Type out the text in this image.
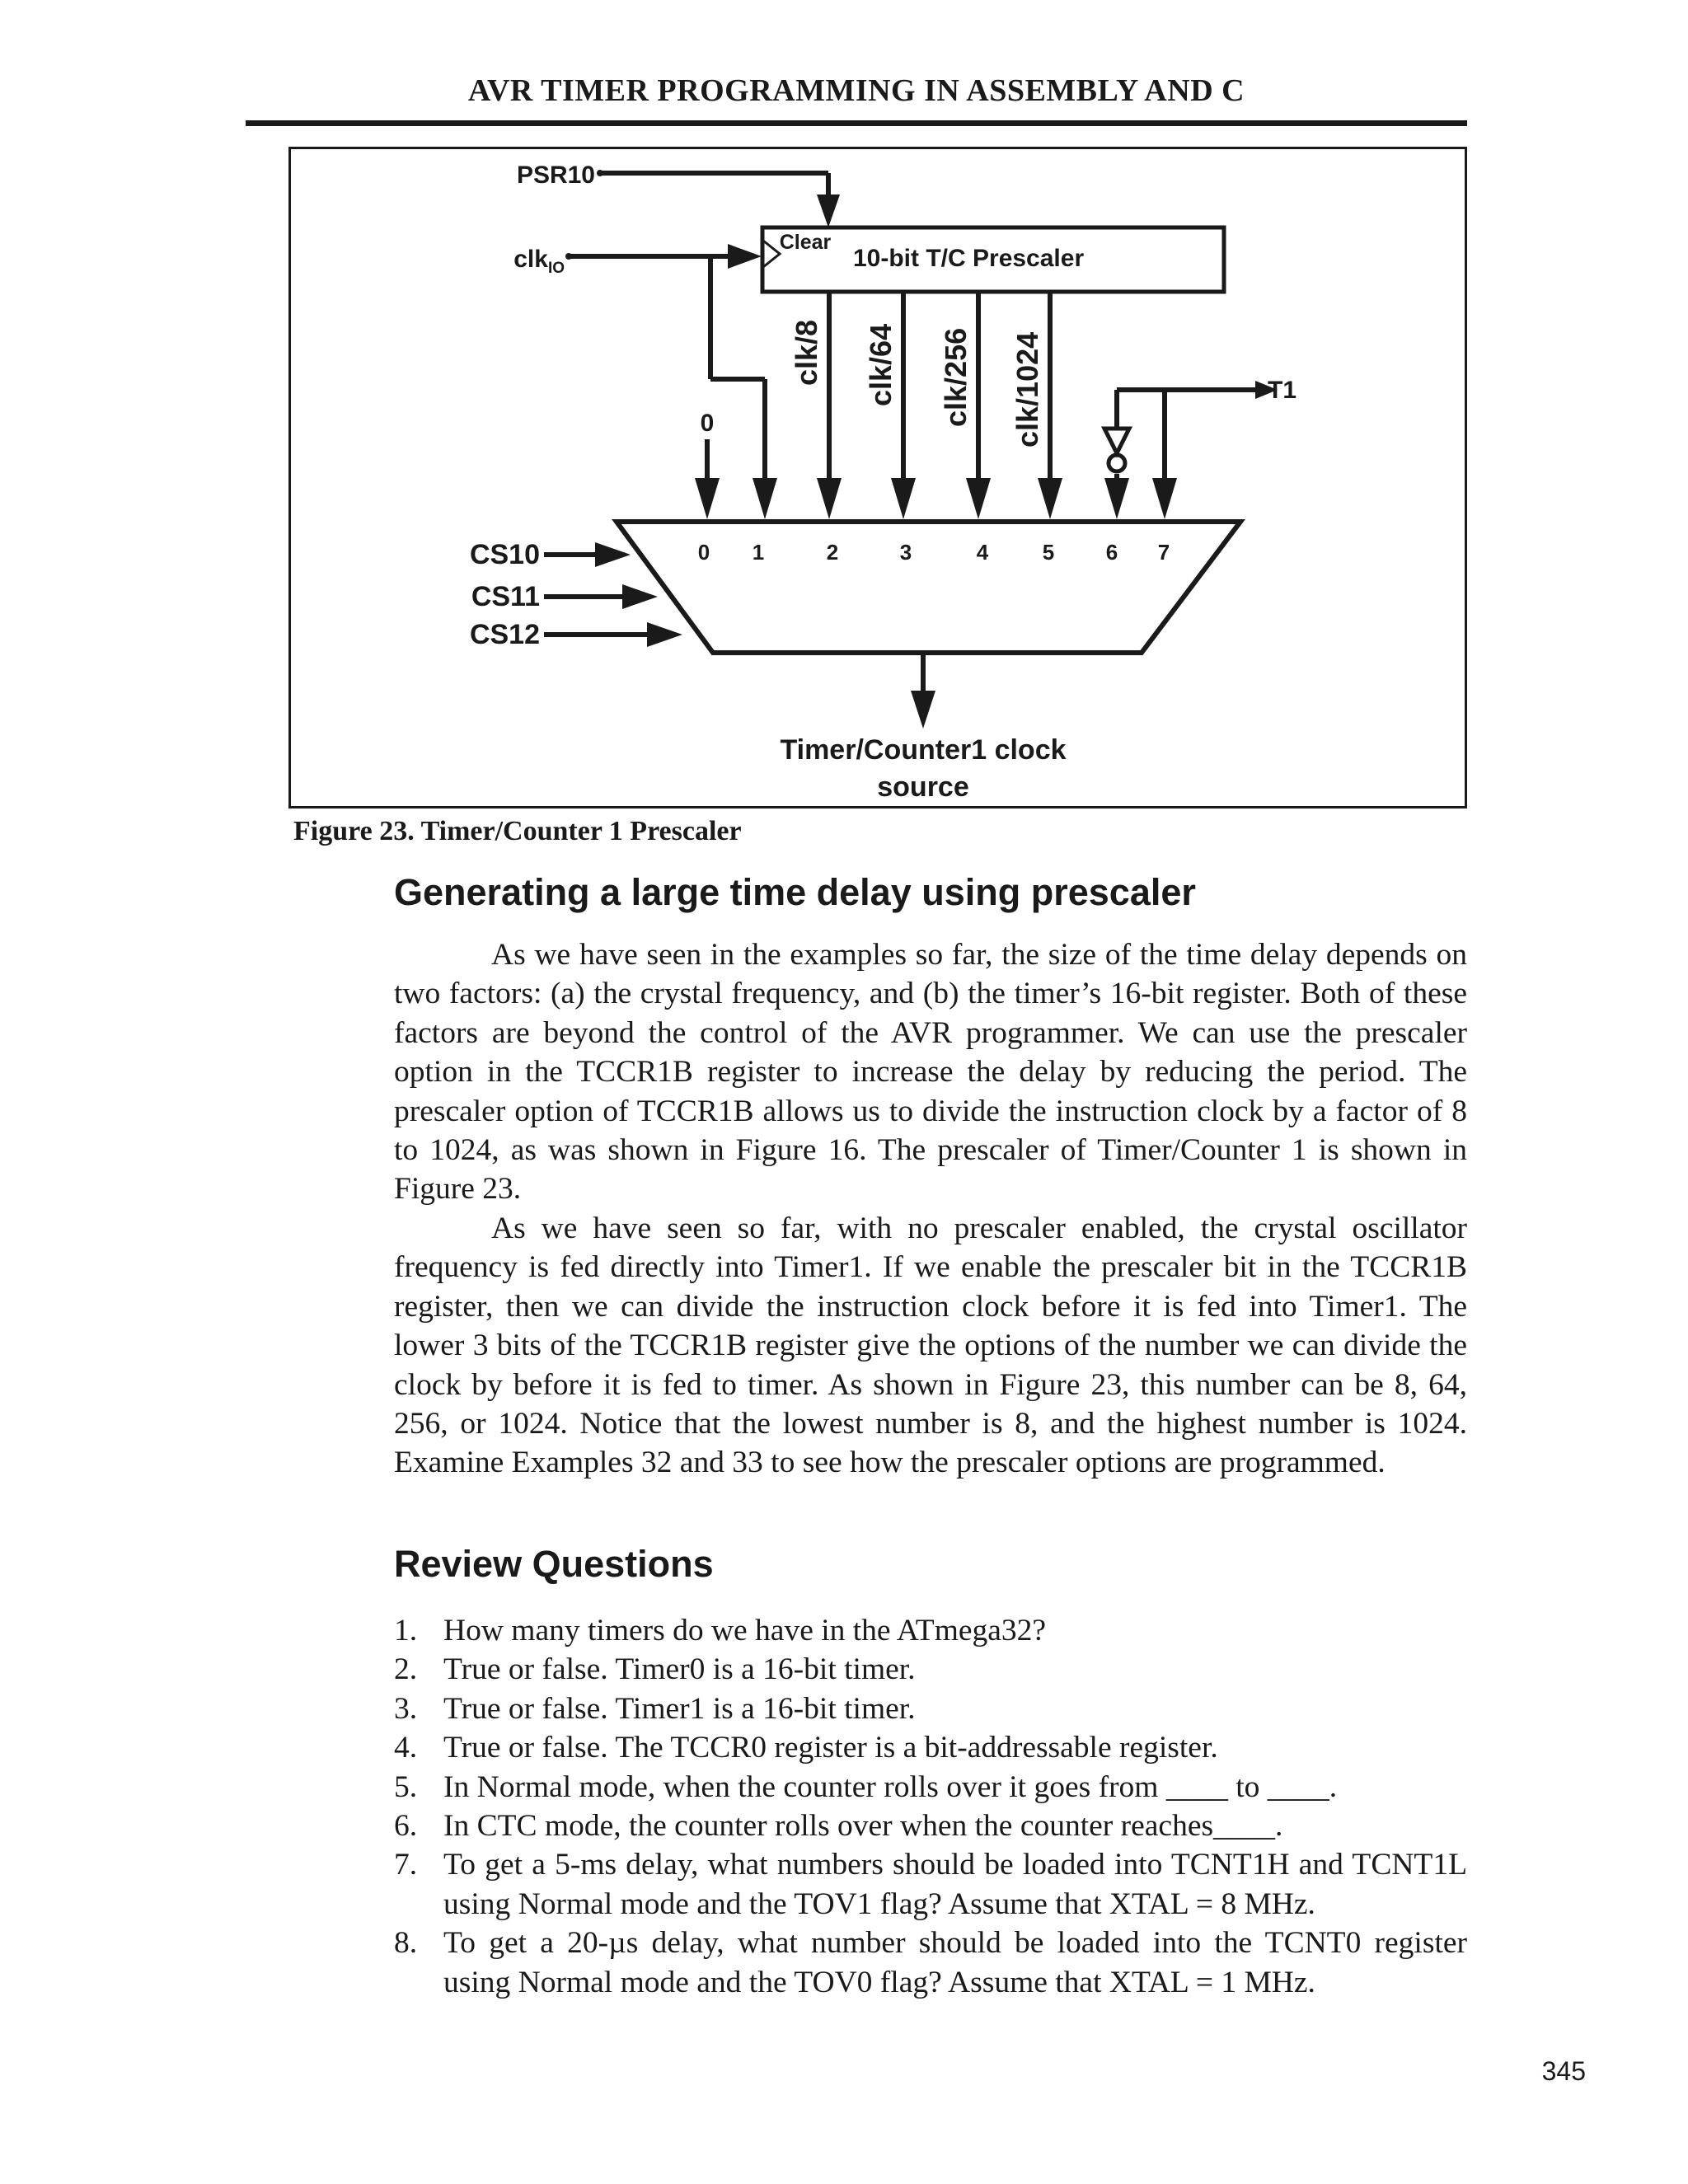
AVR TIMER PROGRAMMING IN ASSEMBLY AND C
PSR10
clk$_{IO}$
Clear
10-bit T/C Prescaler
clk/8 clk/64 clk/256 clk/1024
0
T1
CS10
CS11
CS12
0 1	2	3	4	5 6 7
Timer/Counter1 clock
source
Figure 23. Timer/Counter 1 Prescaler
Generating a large time delay using prescaler

As we have seen in the examples so far, the size of the time delay depends on two factors: (a) the crystal frequency, and (b) the timer’s 16-bit register. Both of these factors are beyond the control of the AVR programmer. We can use the prescaler option in the TCCR1B register to increase the delay by reducing the period. The prescaler option of TCCR1B allows us to divide the instruction clock by a factor of 8 to 1024, as was shown in Figure 16. The prescaler of Timer/Counter 1 is shown in Figure 23.

As we have seen so far, with no prescaler enabled, the crystal oscillator frequency is fed directly into Timer1. If we enable the prescaler bit in the TCCR1B register, then we can divide the instruction clock before it is fed into Timer1. The lower 3 bits of the TCCR1B register give the options of the number we can divide the clock by before it is fed to timer. As shown in Figure 23, this number can be 8, 64, 256, or 1024. Notice that the lowest number is 8, and the highest number is 1024. Examine Examples 32 and 33 to see how the prescaler options are programmed.

Review Questions
1. How many timers do we have in the ATmega32?
2. True or false. Timer0 is a 16-bit timer.
3. True or false. Timer1 is a 16-bit timer.
4. True or false. The TCCR0 register is a bit-addressable register.
5. In Normal mode, when the counter rolls over it goes from ____ to ____.
6. In CTC mode, the counter rolls over when the counter reaches____.
7. To get a 5-ms delay, what numbers should be loaded into TCNT1H and TCNT1L using Normal mode and the TOV1 flag? Assume that XTAL = 8 MHz.
8. To get a 20-µs delay, what number should be loaded into the TCNT0 register using Normal mode and the TOV0 flag? Assume that XTAL = 1 MHz.
345
